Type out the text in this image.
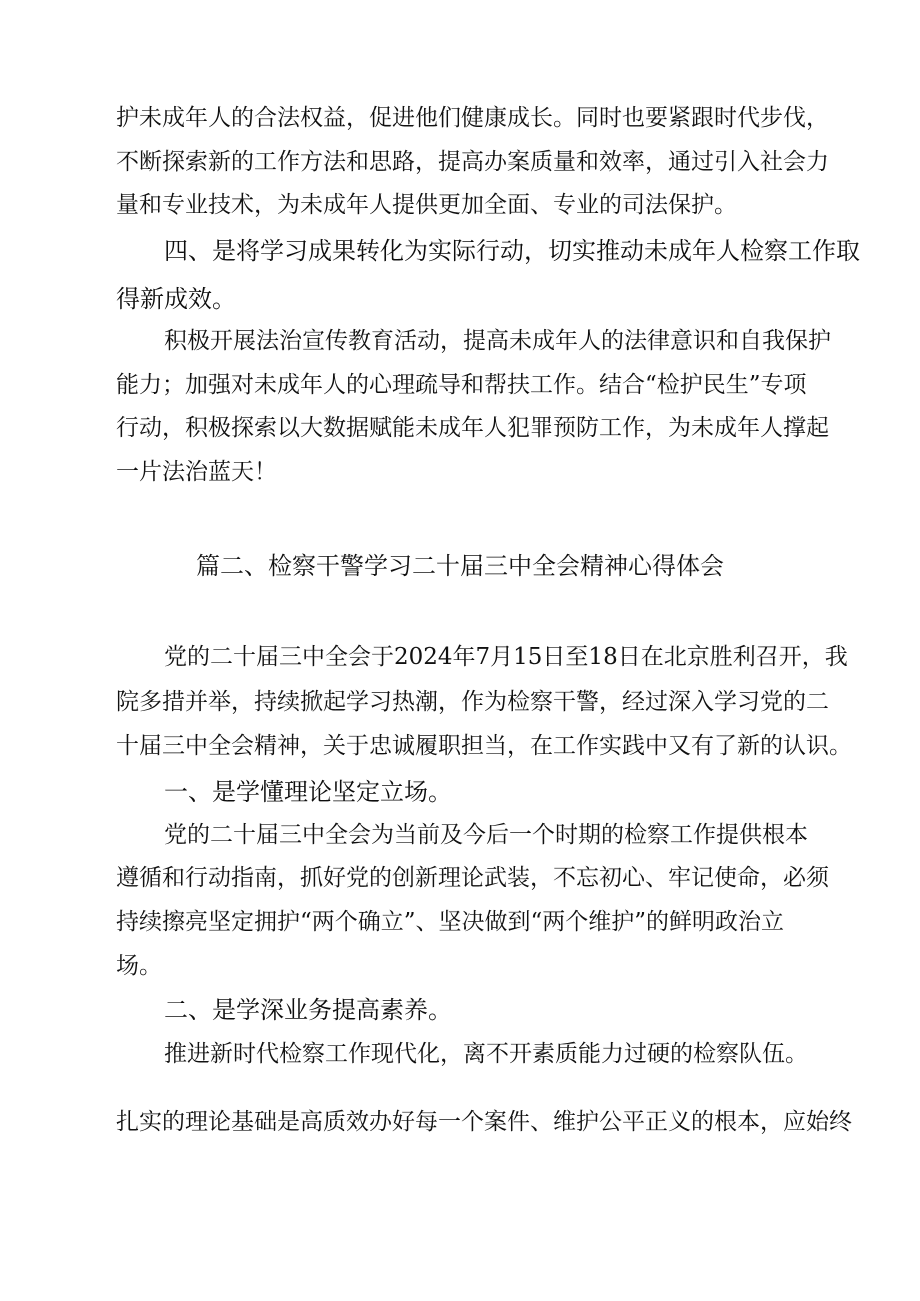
护未成年人的合法权益，促进他们健康成长。同时也要紧跟时代步伐，
不断探索新的工作方法和思路，提高办案质量和效率，通过引入社会力
量和专业技术，为未成年人提供更加全面、专业的司法保护。
四、是将学习成果转化为实际行动，切实推动未成年人检察工作取
得新成效。
积极开展法治宣传教育活动，提高未成年人的法律意识和自我保护
能力；加强对未成年人的心理疏导和帮扶工作。结合“检护民生”专项
行动，积极探索以大数据赋能未成年人犯罪预防工作，为未成年人撑起
一片法治蓝天！
篇二、检察干警学习二十届三中全会精神心得体会
党的二十届三中全会于2024年7月15日至18日在北京胜利召开，我
院多措并举，持续掀起学习热潮，作为检察干警，经过深入学习党的二
十届三中全会精神，关于忠诚履职担当，在工作实践中又有了新的认识。
一、是学懂理论坚定立场。
党的二十届三中全会为当前及今后一个时期的检察工作提供根本
遵循和行动指南，抓好党的创新理论武装，不忘初心、牢记使命，必须
持续擦亮坚定拥护“两个确立”、坚决做到“两个维护”的鲜明政治立
场。
二、是学深业务提高素养。
推进新时代检察工作现代化，离不开素质能力过硬的检察队伍。
扎实的理论基础是高质效办好每一个案件、维护公平正义的根本，应始终
